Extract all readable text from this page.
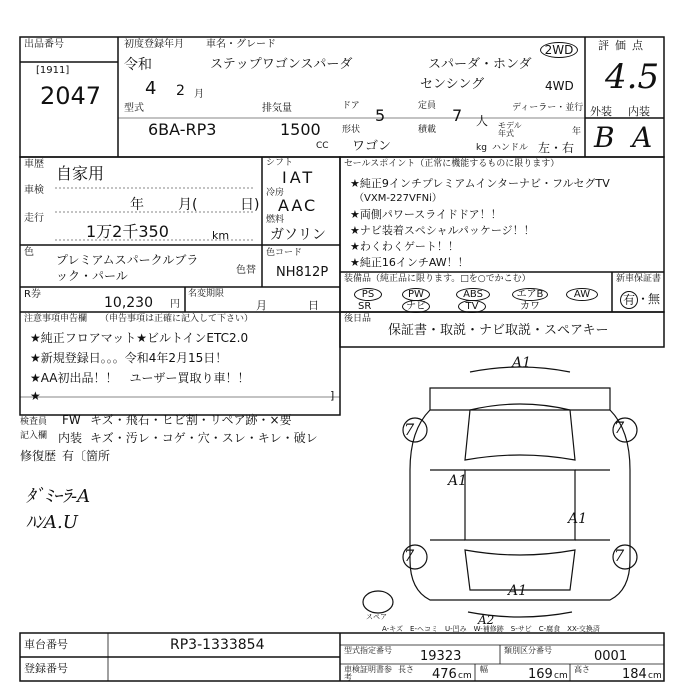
出品番号
[1911]
2047
初度登録年月
令和
4 2 月
車名・グレード
ステップワゴンスパーダ	スパーダ・ホンダ
センシング
2WD
4WD
評価点
4.5
外装 内装
B A
型式
6BA-RP3
排気量
1500
CC
ドア 5
形状
ワゴン
定員 7 人
積載
kg
ディーラー・並行
モデル年式	年
ハンドル 左・右
車歴 自家用
車検
年 月(	日)
走行
1万2千350	km
シフト
IAT
冷房
AAC
燃料
ガソリン
色
プレミアムスパークルブラ
ック・パール	色替
色コード
NH812P
R券
10,230 円
名変期限
月	日
注意事項申告欄 （申告事項は正確に記入して下さい）
★純正フロアマット★ビルトインETC2.0
★新規登録日。。。令和4年2月15日！
★AA初出品！！　ユーザー買取り車！！
★　　　　　　　　　　　　　　　　　　　	]
検査員
記入欄
FW キズ・飛石・ヒビ割・リペア跡・×要
内装 キズ・汚レ・コゲ・穴・スレ・キレ・破レ
修復歴 有〔箇所
ﾀﾞﾐｰﾗ-A
ﾊﾝA.U
セールスポイント（正常に機能するものに限ります）
★純正9インチプレミアムインターナビ・フルセグTV
（VXM-227VFNi）
★両側パワースライドドア！！
★ナビ装着スペシャルパッケージ！！
★わくわくゲート！！
★純正16インチAW！！
装備品（純正品に限ります。□を○でかこむ）
PS	PW	ABS	エアB	AW
SR	ナビ	TV	カワ
新車保証書
有 ・
無
後日品
保証書・取説・ナビ取説・スペアキー
A1
A1
A1
A1
A2
7
7
7	7
スペア
A-キズ　E-ヘコミ　U-凹み　W-補修跡　S-サビ　C-腐食　XX-交換済
車台番号	RP3-1333854
登録番号
型式指定番号 19323	類別区分番号	0001
車検証明書参考
長さ 476 cm
幅	169 cm
高さ 184 cm
